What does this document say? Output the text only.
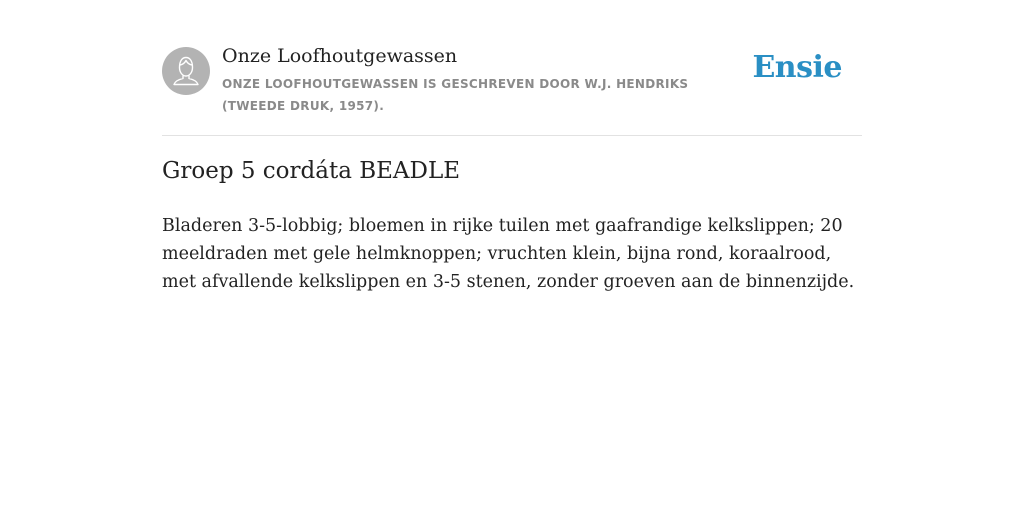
Onze Loofhoutgewassen
ONZE LOOFHOUTGEWASSEN IS GESCHREVEN DOOR W.J. HENDRIKS (TWEEDE DRUK, 1957).
Ensie
Groep 5 cordáta BEADLE

Bladeren 3-5-lobbig; bloemen in rijke tuilen met gaafrandige kelkslippen; 20 meeldraden met gele helmknoppen; vruchten klein, bijna rond, koraalrood, met afvallende kelkslippen en 3-5 stenen, zonder groeven aan de binnenzijde.
